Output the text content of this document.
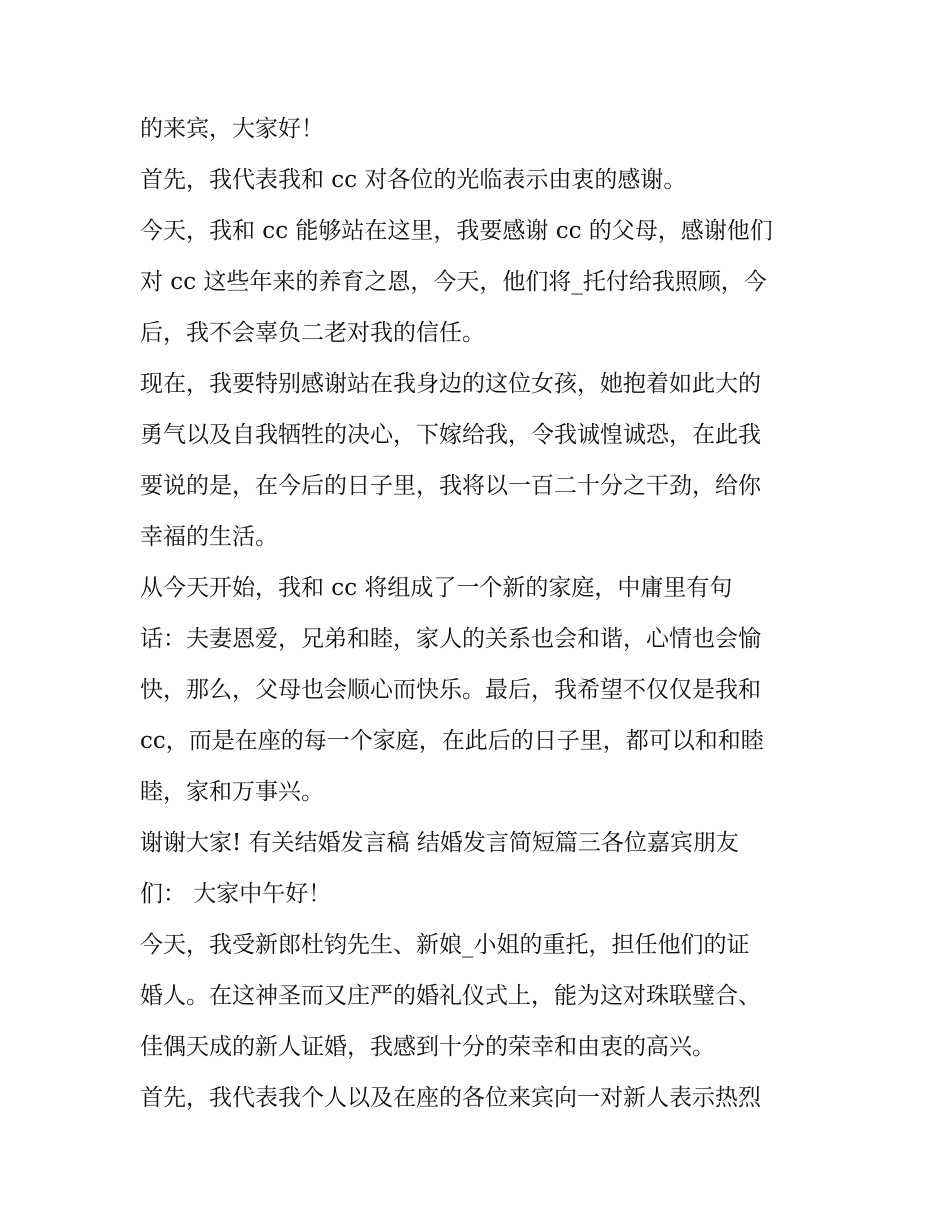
的来宾，大家好！
首先，我代表我和 cc 对各位的光临表示由衷的感谢。
今天，我和 cc 能够站在这里，我要感谢 cc 的父母，感谢他们
对 cc 这些年来的养育之恩，今天，他们将_托付给我照顾，今
后，我不会辜负二老对我的信任。
现在，我要特别感谢站在我身边的这位女孩，她抱着如此大的
勇气以及自我牺牲的决心，下嫁给我，令我诚惶诚恐，在此我
要说的是，在今后的日子里，我将以一百二十分之干劲，给你
幸福的生活。
从今天开始，我和 cc 将组成了一个新的家庭，中庸里有句
话：夫妻恩爱，兄弟和睦，家人的关系也会和谐，心情也会愉
快，那么，父母也会顺心而快乐。最后，我希望不仅仅是我和
cc，而是在座的每一个家庭，在此后的日子里，都可以和和睦
睦，家和万事兴。
谢谢大家! 有关结婚发言稿 结婚发言简短篇三各位嘉宾朋友
们： 大家中午好！
今天，我受新郎杜钧先生、新娘_小姐的重托，担任他们的证
婚人。在这神圣而又庄严的婚礼仪式上，能为这对珠联璧合、
佳偶天成的新人证婚，我感到十分的荣幸和由衷的高兴。
首先，我代表我个人以及在座的各位来宾向一对新人表示热烈
